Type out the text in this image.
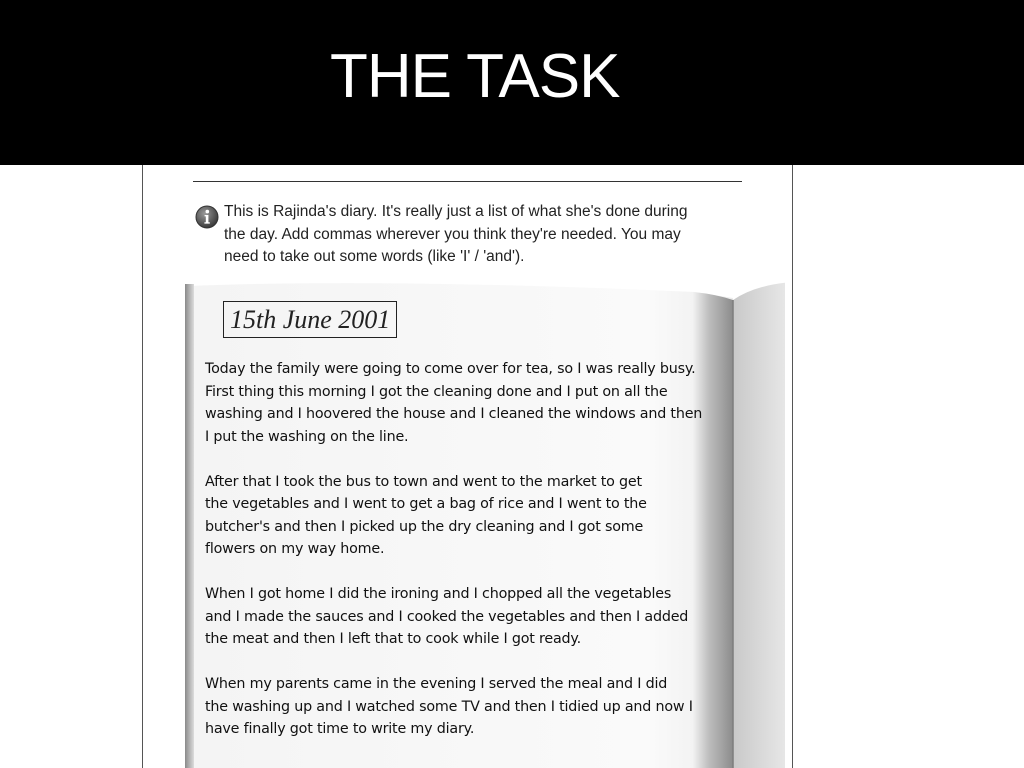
THE TASK

This is Rajinda's diary. It's really just a list of what she's done during
the day. Add commas wherever you think they're needed. You may
need to take out some words (like 'I' / 'and').

15th June 2001

Today the family were going to come over for tea, so I was really busy.
First thing this morning I got the cleaning done and I put on all the
washing and I hoovered the house and I cleaned the windows and then
I put the washing on the line.

After that I took the bus to town and went to the market to get
the vegetables and I went to get a bag of rice and I went to the
butcher's and then I picked up the dry cleaning and I got some
flowers on my way home.

When I got home I did the ironing and I chopped all the vegetables
and I made the sauces and I cooked the vegetables and then I added
the meat and then I left that to cook while I got ready.

When my parents came in the evening I served the meal and I did
the washing up and I watched some TV and then I tidied up and now I
have finally got time to write my diary.
